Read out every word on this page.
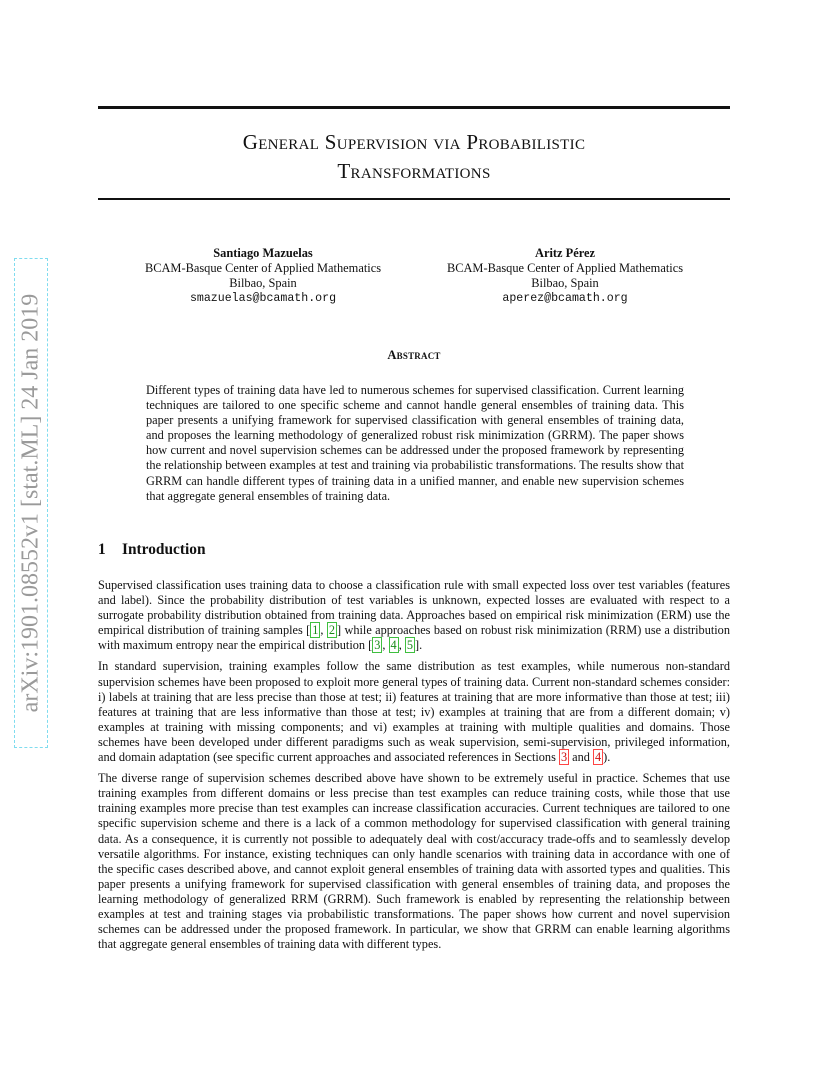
General Supervision via Probabilistic
Transformations
Santiago Mazuelas
BCAM-Basque Center of Applied Mathematics
Bilbao, Spain
smazuelas@bcamath.org
Aritz Pérez
BCAM-Basque Center of Applied Mathematics
Bilbao, Spain
aperez@bcamath.org
Abstract
Different types of training data have led to numerous schemes for supervised classification. Current learning techniques are tailored to one specific scheme and cannot handle general ensembles of training data. This paper presents a unifying framework for supervised classification with general ensembles of training data, and proposes the learning methodology of generalized robust risk minimization (GRRM). The paper shows how current and novel supervision schemes can be addressed under the proposed framework by representing the relationship between examples at test and training via probabilistic transformations. The results show that GRRM can handle different types of training data in a unified manner, and enable new supervision schemes that aggregate general ensembles of training data.
1 Introduction

Supervised classification uses training data to choose a classification rule with small expected loss over test variables (features and label). Since the probability distribution of test variables is unknown, expected losses are evaluated with respect to a surrogate probability distribution obtained from training data. Approaches based on empirical risk minimization (ERM) use the empirical distribution of training samples [ 1 , 2 ] while approaches based on robust risk minimization (RRM) use a distribution with maximum entropy near the empirical distribution [ 3 , 4 , 5 ].

In standard supervision, training examples follow the same distribution as test examples, while numerous non-standard supervision schemes have been proposed to exploit more general types of training data. Current non-standard schemes consider: i) labels at training that are less precise than those at test; ii) features at training that are more informative than those at test; iii) features at training that are less informative than those at test; iv) examples at training that are from a different domain; v) examples at training with missing components; and vi) examples at training with multiple qualities and domains. Those schemes have been developed under different paradigms such as weak supervision, semi-supervision, privileged information, and domain adaptation (see specific current approaches and associated references in Sections 3 and 4 ).

The diverse range of supervision schemes described above have shown to be extremely useful in practice. Schemes that use training examples from different domains or less precise than test examples can reduce training costs, while those that use training examples more precise than test examples can increase classification accuracies. Current techniques are tailored to one specific supervision scheme and there is a lack of a common methodology for supervised classification with general training data. As a consequence, it is currently not possible to adequately deal with cost/accuracy trade-offs and to seamlessly develop versatile algorithms. For instance, existing techniques can only handle scenarios with training data in accordance with one of the specific cases described above, and cannot exploit general ensembles of training data with assorted types and qualities. This paper presents a unifying framework for supervised classification with general ensembles of training data, and proposes the learning methodology of generalized RRM (GRRM). Such framework is enabled by representing the relationship between examples at test and training stages via probabilistic transformations. The paper shows how current and novel supervision schemes can be addressed under the proposed framework. In particular, we show that GRRM can enable learning algorithms that aggregate general ensembles of training data with different types.

arXiv:1901.08552v1 [stat.ML] 24 Jan 2019
